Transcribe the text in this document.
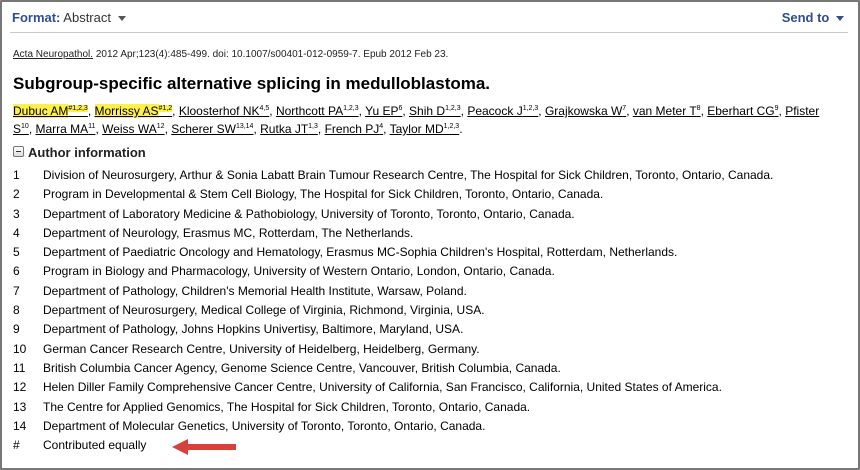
Format: Abstract	Send to
Acta Neuropathol. 2012 Apr;123(4):485-499. doi: 10.1007/s00401-012-0959-7. Epub 2012 Feb 23.
Subgroup-specific alternative splicing in medulloblastoma.
Dubuc AM$^{\#1,2,3}$, Morrissy AS$^{\#1,2}$, Kloosterhof NK$^{4,5}$, Northcott PA$^{1,2,3}$, Yu $EP^6$, Shih D$^{1,2,3}$, Peacock J$^{1,2,3}$, Grajkowska $W^7$, van Meter $T^8$, Eberhart $CG^9$, Pfister $S^{10}$, Marra MA$^{11}$, Weiss WA$^{12}$, Scherer SW$^{13,14}$, Rutka JT$^{1,3}$, French $PJ^4$, Taylor MD$^{1,2,3}$.
Author information
1 Division of Neurosurgery, Arthur & Sonia Labatt Brain Tumour Research Centre, The Hospital for Sick Children, Toronto, Ontario, Canada.
2 Program in Developmental & Stem Cell Biology, The Hospital for Sick Children, Toronto, Ontario, Canada.
3 Department of Laboratory Medicine & Pathobiology, University of Toronto, Toronto, Ontario, Canada.
4 Department of Neurology, Erasmus MC, Rotterdam, The Netherlands.
5 Department of Paediatric Oncology and Hematology, Erasmus MC-Sophia Children's Hospital, Rotterdam, Netherlands.
6 Program in Biology and Pharmacology, University of Western Ontario, London, Ontario, Canada.
7 Department of Pathology, Children's Memorial Health Institute, Warsaw, Poland.
8 Department of Neurosurgery, Medical College of Virginia, Richmond, Virginia, USA.
9 Department of Pathology, Johns Hopkins Univertisy, Baltimore, Maryland, USA.
10 German Cancer Research Centre, University of Heidelberg, Heidelberg, Germany.
11 British Columbia Cancer Agency, Genome Science Centre, Vancouver, British Columbia, Canada.
12 Helen Diller Family Comprehensive Cancer Centre, University of California, San Francisco, California, United States of America.
13 The Centre for Applied Genomics, The Hospital for Sick Children, Toronto, Ontario, Canada.
14 Department of Molecular Genetics, University of Toronto, Toronto, Ontario, Canada.
# Contributed equally
